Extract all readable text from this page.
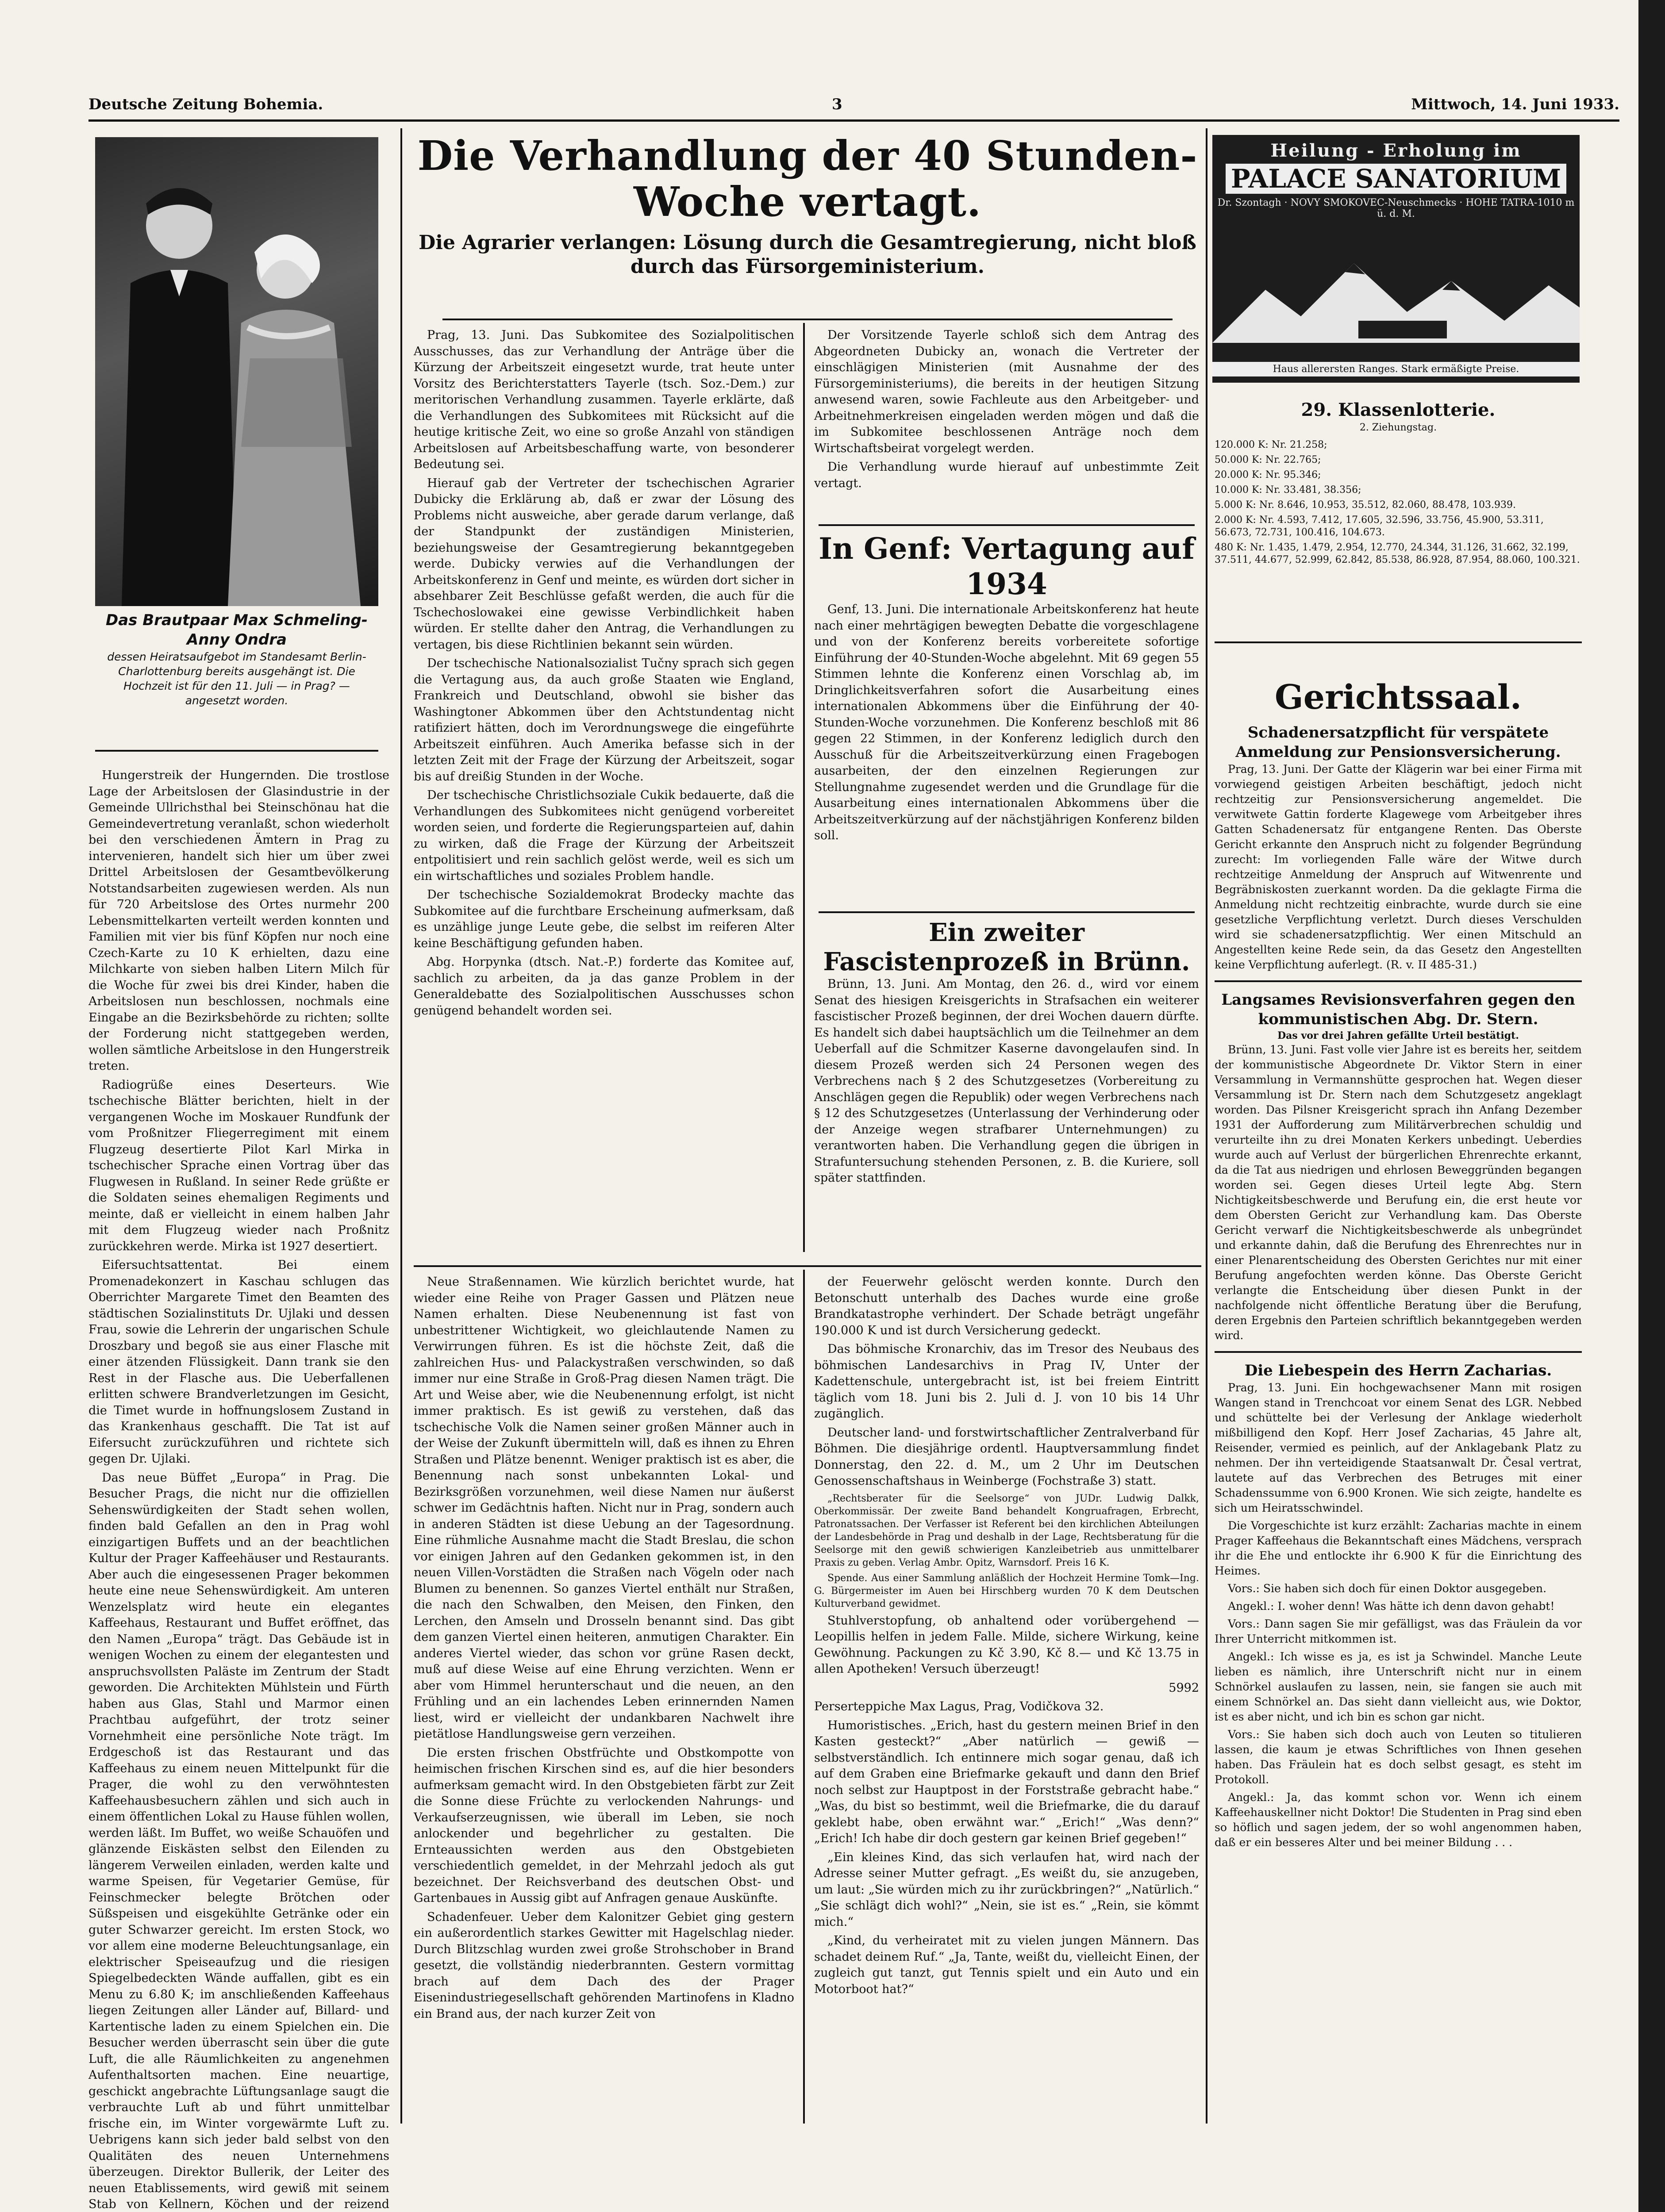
Deutsche Zeitung Bohemia.	3	Mittwoch, 14. Juni 1933.
Das Brautpaar Max Schmeling-Anny Ondra
dessen Heiratsaufgebot im Standesamt Berlin-Charlottenburg bereits ausgehängt ist. Die Hochzeit ist für den 11. Juli — in Prag? — angesetzt worden.

Hungerstreik der Hungernden. Die trostlose Lage der Arbeitslosen der Glasindustrie in der Gemeinde Ullrichsthal bei Steinschönau hat die Gemeindevertretung veranlaßt, schon wiederholt bei den verschiedenen Ämtern in Prag zu intervenieren, handelt sich hier um über zwei Drittel Arbeitslosen der Gesamtbevölkerung Notstandsarbeiten zugewiesen werden. Als nun für 720 Arbeitslose des Ortes nurmehr 200 Lebensmittelkarten verteilt werden konnten und Familien mit vier bis fünf Köpfen nur noch eine Czech-Karte zu 10 K erhielten, dazu eine Milchkarte von sieben halben Litern Milch für die Woche für zwei bis drei Kinder, haben die Arbeitslosen nun beschlossen, nochmals eine Eingabe an die Bezirksbehörde zu richten; sollte der Forderung nicht stattgegeben werden, wollen sämtliche Arbeitslose in den Hungerstreik treten.

Radiogrüße eines Deserteurs. Wie tschechische Blätter berichten, hielt in der vergangenen Woche im Moskauer Rundfunk der vom Proßnitzer Fliegerregiment mit einem Flugzeug desertierte Pilot Karl Mirka in tschechischer Sprache einen Vortrag über das Flugwesen in Rußland. In seiner Rede grüßte er die Soldaten seines ehemaligen Regiments und meinte, daß er vielleicht in einem halben Jahr mit dem Flugzeug wieder nach Proßnitz zurückkehren werde. Mirka ist 1927 desertiert.

Eifersuchtsattentat. Bei einem Promenadekonzert in Kaschau schlugen das Oberrichter Margarete Timet den Beamten des städtischen Sozialinstituts Dr. Ujlaki und dessen Frau, sowie die Lehrerin der ungarischen Schule Droszbary und begoß sie aus einer Flasche mit einer ätzenden Flüssigkeit. Dann trank sie den Rest in der Flasche aus. Die Ueberfallenen erlitten schwere Brandverletzungen im Gesicht, die Timet wurde in hoffnungslosem Zustand in das Krankenhaus geschafft. Die Tat ist auf Eifersucht zurückzuführen und richtete sich gegen Dr. Ujlaki.

Das neue Büffet „Europa“ in Prag. Die Besucher Prags, die nicht nur die offiziellen Sehenswürdigkeiten der Stadt sehen wollen, finden bald Gefallen an den in Prag wohl einzigartigen Buffets und an der beachtlichen Kultur der Prager Kaffeehäuser und Restaurants. Aber auch die eingesessenen Prager bekommen heute eine neue Sehenswürdigkeit. Am unteren Wenzelsplatz wird heute ein elegantes Kaffeehaus, Restaurant und Buffet eröffnet, das den Namen „Europa“ trägt. Das Gebäude ist in wenigen Wochen zu einem der elegantesten und anspruchsvollsten Paläste im Zentrum der Stadt geworden. Die Architekten Mühlstein und Fürth haben aus Glas, Stahl und Marmor einen Prachtbau aufgeführt, der trotz seiner Vornehmheit eine persönliche Note trägt. Im Erdgeschoß ist das Restaurant und das Kaffeehaus zu einem neuen Mittelpunkt für die Prager, die wohl zu den verwöhntesten Kaffeehausbesuchern zählen und sich auch in einem öffentlichen Lokal zu Hause fühlen wollen, werden läßt. Im Buffet, wo weiße Schauöfen und glänzende Eiskästen selbst den Eilenden zu längerem Verweilen einladen, werden kalte und warme Speisen, für Vegetarier Gemüse, für Feinschmecker belegte Brötchen oder Süßspeisen und eisgekühlte Getränke oder ein guter Schwarzer gereicht. Im ersten Stock, wo vor allem eine moderne Beleuchtungsanlage, ein elektrischer Speiseaufzug und die riesigen Spiegelbedeckten Wände auffallen, gibt es ein Menu zu 6.80 K; im anschließenden Kaffeehaus liegen Zeitungen aller Länder auf, Billard- und Kartentische laden zu einem Spielchen ein. Die Besucher werden überrascht sein über die gute Luft, die alle Räumlichkeiten zu angenehmen Aufenthaltsorten machen. Eine neuartige, geschickt angebrachte Lüftungsanlage saugt die verbrauchte Luft ab und führt unmittelbar frische ein, im Winter vorgewärmte Luft zu. Uebrigens kann sich jeder bald selbst von den Qualitäten des neuen Unternehmens überzeugen. Direktor Bullerik, der Leiter des neuen Etablissements, wird gewiß mit seinem Stab von Kellnern, Köchen und der reizend

Die Verhandlung der 40 Stunden-Woche vertagt.
Die Agrarier verlangen: Lösung durch die Gesamtregierung, nicht bloß durch das Fürsorgeministerium.

Prag, 13. Juni. Das Subkomitee des Sozialpolitischen Ausschusses, das zur Verhandlung der Anträge über die Kürzung der Arbeitszeit eingesetzt wurde, trat heute unter Vorsitz des Berichterstatters Tayerle (tsch. Soz.-Dem.) zur meritorischen Verhandlung zusammen. Tayerle erklärte, daß die Verhandlungen des Subkomitees mit Rücksicht auf die heutige kritische Zeit, wo eine so große Anzahl von ständigen Arbeitslosen auf Arbeitsbeschaffung warte, von besonderer Bedeutung sei.

Hierauf gab der Vertreter der tschechischen Agrarier Dubicky die Erklärung ab, daß er zwar der Lösung des Problems nicht ausweiche, aber gerade darum verlange, daß der Standpunkt der zuständigen Ministerien, beziehungsweise der Gesamtregierung bekanntgegeben werde. Dubicky verwies auf die Verhandlungen der Arbeitskonferenz in Genf und meinte, es würden dort sicher in absehbarer Zeit Beschlüsse gefaßt werden, die auch für die Tschechoslowakei eine gewisse Verbindlichkeit haben würden. Er stellte daher den Antrag, die Verhandlungen zu vertagen, bis diese Richtlinien bekannt sein würden.

Der tschechische Nationalsozialist Tučny sprach sich gegen die Vertagung aus, da auch große Staaten wie England, Frankreich und Deutschland, obwohl sie bisher das Washingtoner Abkommen über den Achtstundentag nicht ratifiziert hätten, doch im Verordnungswege die eingeführte Arbeitszeit einführen. Auch Amerika befasse sich in der letzten Zeit mit der Frage der Kürzung der Arbeitszeit, sogar bis auf dreißig Stunden in der Woche.

Der tschechische Christlichsoziale Cukik bedauerte, daß die Verhandlungen des Subkomitees nicht genügend vorbereitet worden seien, und forderte die Regierungsparteien auf, dahin zu wirken, daß die Frage der Kürzung der Arbeitszeit entpolitisiert und rein sachlich gelöst werde, weil es sich um ein wirtschaftliches und soziales Problem handle.

Der tschechische Sozialdemokrat Brodecky machte das Subkomitee auf die furchtbare Erscheinung aufmerksam, daß es unzählige junge Leute gebe, die selbst im reiferen Alter keine Beschäftigung gefunden haben.

Abg. Horpynka (dtsch. Nat.-P.) forderte das Komitee auf, sachlich zu arbeiten, da ja das ganze Problem in der Generaldebatte des Sozialpolitischen Ausschusses schon genügend behandelt worden sei.

Der Vorsitzende Tayerle schloß sich dem Antrag des Abgeordneten Dubicky an, wonach die Vertreter der einschlägigen Ministerien (mit Ausnahme der des Fürsorgeministeriums), die bereits in der heutigen Sitzung anwesend waren, sowie Fachleute aus den Arbeitgeber- und Arbeitnehmerkreisen eingeladen werden mögen und daß die im Subkomitee beschlossenen Anträge noch dem Wirtschaftsbeirat vorgelegt werden.

Die Verhandlung wurde hierauf auf unbestimmte Zeit vertagt.

In Genf: Vertagung auf 1934

Genf, 13. Juni. Die internationale Arbeitskonferenz hat heute nach einer mehrtägigen bewegten Debatte die vorgeschlagene und von der Konferenz bereits vorbereitete sofortige Einführung der 40-Stunden-Woche abgelehnt. Mit 69 gegen 55 Stimmen lehnte die Konferenz einen Vorschlag ab, im Dringlichkeitsverfahren sofort die Ausarbeitung eines internationalen Abkommens über die Einführung der 40-Stunden-Woche vorzunehmen. Die Konferenz beschloß mit 86 gegen 22 Stimmen, in der Konferenz lediglich durch den Ausschuß für die Arbeitszeitverkürzung einen Fragebogen ausarbeiten, der den einzelnen Regierungen zur Stellungnahme zugesendet werden und die Grundlage für die Ausarbeitung eines internationalen Abkommens über die Arbeitszeitverkürzung auf der nächstjährigen Konferenz bilden soll.

Ein zweiter Fascistenprozeß in Brünn.

Brünn, 13. Juni. Am Montag, den 26. d., wird vor einem Senat des hiesigen Kreisgerichts in Strafsachen ein weiterer fascistischer Prozeß beginnen, der drei Wochen dauern dürfte. Es handelt sich dabei hauptsächlich um die Teilnehmer an dem Ueberfall auf die Schmitzer Kaserne davongelaufen sind. In diesem Prozeß werden sich 24 Personen wegen des Verbrechens nach § 2 des Schutzgesetzes (Vorbereitung zu Anschlägen gegen die Republik) oder wegen Verbrechens nach § 12 des Schutzgesetzes (Unterlassung der Verhinderung oder der Anzeige wegen strafbarer Unternehmungen) zu verantworten haben. Die Verhandlung gegen die übrigen in Strafuntersuchung stehenden Personen, z. B. die Kuriere, soll später stattfinden.

Neue Straßennamen. Wie kürzlich berichtet wurde, hat wieder eine Reihe von Prager Gassen und Plätzen neue Namen erhalten. Diese Neubenennung ist fast von unbestrittener Wichtigkeit, wo gleichlautende Namen zu Verwirrungen führen. Es ist die höchste Zeit, daß die zahlreichen Hus- und Palackystraßen verschwinden, so daß immer nur eine Straße in Groß-Prag diesen Namen trägt. Die Art und Weise aber, wie die Neubenennung erfolgt, ist nicht immer praktisch. Es ist gewiß zu verstehen, daß das tschechische Volk die Namen seiner großen Männer auch in der Weise der Zukunft übermitteln will, daß es ihnen zu Ehren Straßen und Plätze benennt. Weniger praktisch ist es aber, die Benennung nach sonst unbekannten Lokal- und Bezirksgrößen vorzunehmen, weil diese Namen nur äußerst schwer im Gedächtnis haften. Nicht nur in Prag, sondern auch in anderen Städten ist diese Uebung an der Tagesordnung. Eine rühmliche Ausnahme macht die Stadt Breslau, die schon vor einigen Jahren auf den Gedanken gekommen ist, in den neuen Villen-Vorstädten die Straßen nach Vögeln oder nach Blumen zu benennen. So ganzes Viertel enthält nur Straßen, die nach den Schwalben, den Meisen, den Finken, den Lerchen, den Amseln und Drosseln benannt sind. Das gibt dem ganzen Viertel einen heiteren, anmutigen Charakter. Ein anderes Viertel wieder, das schon vor grüne Rasen deckt, muß auf diese Weise auf eine Ehrung verzichten. Wenn er aber vom Himmel herunterschaut und die neuen, an den Frühling und an ein lachendes Leben erinnernden Namen liest, wird er vielleicht der undankbaren Nachwelt ihre pietätlose Handlungsweise gern verzeihen.

Die ersten frischen Obstfrüchte und Obstkompotte von heimischen frischen Kirschen sind es, auf die hier besonders aufmerksam gemacht wird. In den Obstgebieten färbt zur Zeit die Sonne diese Früchte zu verlockenden Nahrungs- und Verkaufserzeugnissen, wie überall im Leben, sie noch anlockender und begehrlicher zu gestalten. Die Ernteaussichten werden aus den Obstgebieten verschiedentlich gemeldet, in der Mehrzahl jedoch als gut bezeichnet. Der Reichsverband des deutschen Obst- und Gartenbaues in Aussig gibt auf Anfragen genaue Auskünfte.

Schadenfeuer. Ueber dem Kalonitzer Gebiet ging gestern ein außerordentlich starkes Gewitter mit Hagelschlag nieder. Durch Blitzschlag wurden zwei große Strohschober in Brand gesetzt, die vollständig niederbrannten. Gestern vormittag brach auf dem Dach des der Prager Eisenindustriegesellschaft gehörenden Martinofens in Kladno ein Brand aus, der nach kurzer Zeit von

der Feuerwehr gelöscht werden konnte. Durch den Betonschutt unterhalb des Daches wurde eine große Brandkatastrophe verhindert. Der Schade beträgt ungefähr 190.000 K und ist durch Versicherung gedeckt.

Das böhmische Kronarchiv, das im Tresor des Neubaus des böhmischen Landesarchivs in Prag IV, Unter der Kadettenschule, untergebracht ist, ist bei freiem Eintritt täglich vom 18. Juni bis 2. Juli d. J. von 10 bis 14 Uhr zugänglich.

Deutscher land- und forstwirtschaftlicher Zentralverband für Böhmen. Die diesjährige ordentl. Hauptversammlung findet Donnerstag, den 22. d. M., um 2 Uhr im Deutschen Genossenschaftshaus in Weinberge (Fochstraße 3) statt.

„Rechtsberater für die Seelsorge“ von JUDr. Ludwig Dalkk, Oberkommissär. Der zweite Band behandelt Kongruafragen, Erbrecht, Patronatssachen. Der Verfasser ist Referent bei den kirchlichen Abteilungen der Landesbehörde in Prag und deshalb in der Lage, Rechtsberatung für die Seelsorge mit den gewiß schwierigen Kanzleibetrieb aus unmittelbarer Praxis zu geben. Verlag Ambr. Opitz, Warnsdorf. Preis 16 K.

Spende. Aus einer Sammlung anläßlich der Hochzeit Hermine Tomk—Ing. G. Bürgermeister im Auen bei Hirschberg wurden 70 K dem Deutschen Kulturverband gewidmet.

Stuhlverstopfung, ob anhaltend oder vorübergehend — Leopillis helfen in jedem Falle. Milde, sichere Wirkung, keine Gewöhnung. Packungen zu Kč 3.90, Kč 8.— und Kč 13.75 in allen Apotheken! Versuch überzeugt!

5992

Perserteppiche Max Lagus, Prag, Vodičkova 32.

Humoristisches. „Erich, hast du gestern meinen Brief in den Kasten gesteckt?“ „Aber natürlich — gewiß — selbstverständlich. Ich entinnere mich sogar genau, daß ich auf dem Graben eine Briefmarke gekauft und dann den Brief noch selbst zur Hauptpost in der Forststraße gebracht habe.“ „Was, du bist so bestimmt, weil die Briefmarke, die du darauf geklebt habe, oben erwähnt war.“ „Erich!“ „Was denn?“ „Erich! Ich habe dir doch gestern gar keinen Brief gegeben!“

„Ein kleines Kind, das sich verlaufen hat, wird nach der Adresse seiner Mutter gefragt. „Es weißt du, sie anzugeben, um laut: „Sie würden mich zu ihr zurückbringen?“ „Natürlich.“ „Sie schlägt dich wohl?“ „Nein, sie ist es.“ „Rein, sie kömmt mich.“

„Kind, du verheiratet mit zu vielen jungen Männern. Das schadet deinem Ruf.“ „Ja, Tante, weißt du, vielleicht Einen, der zugleich gut tanzt, gut Tennis spielt und ein Auto und ein Motorboot hat?“

Heilung - Erholung im
PALACE SANATORIUM
Dr. Szontagh · NOVY SMOKOVEC-Neuschmecks · HOHE TATRA-1010 m ü. d. M.
Haus allerersten Ranges. Stark ermäßigte Preise.
29. Klassenlotterie.

2. Ziehungstag.

120.000 K: Nr. 21.258;

50.000 K: Nr. 22.765;

20.000 K: Nr. 95.346;

10.000 K: Nr. 33.481, 38.356;

5.000 K: Nr. 8.646, 10.953, 35.512, 82.060, 88.478, 103.939.

2.000 K: Nr. 4.593, 7.412, 17.605, 32.596, 33.756, 45.900, 53.311, 56.673, 72.731, 100.416, 104.673.

480 K: Nr. 1.435, 1.479, 2.954, 12.770, 24.344, 31.126, 31.662, 32.199, 37.511, 44.677, 52.999, 62.842, 85.538, 86.928, 87.954, 88.060, 100.321.

Gerichtssaal.
Schadenersatzpflicht für verspätete Anmeldung zur Pensionsversicherung.

Prag, 13. Juni. Der Gatte der Klägerin war bei einer Firma mit vorwiegend geistigen Arbeiten beschäftigt, jedoch nicht rechtzeitig zur Pensionsversicherung angemeldet. Die verwitwete Gattin forderte Klagewege vom Arbeitgeber ihres Gatten Schadenersatz für entgangene Renten. Das Oberste Gericht erkannte den Anspruch nicht zu folgender Begründung zurecht: Im vorliegenden Falle wäre der Witwe durch rechtzeitige Anmeldung der Anspruch auf Witwenrente und Begräbniskosten zuerkannt worden. Da die geklagte Firma die Anmeldung nicht rechtzeitig einbrachte, wurde durch sie eine gesetzliche Verpflichtung verletzt. Durch dieses Verschulden wird sie schadenersatzpflichtig. Wer einen Mitschuld an Angestellten keine Rede sein, da das Gesetz den Angestellten keine Verpflichtung auferlegt. (R. v. II 485-31.)

Langsames Revisionsverfahren gegen den kommunistischen Abg. Dr. Stern.
Das vor drei Jahren gefällte Urteil bestätigt.

Brünn, 13. Juni. Fast volle vier Jahre ist es bereits her, seitdem der kommunistische Abgeordnete Dr. Viktor Stern in einer Versammlung in Vermannshütte gesprochen hat. Wegen dieser Versammlung ist Dr. Stern nach dem Schutzgesetz angeklagt worden. Das Pilsner Kreisgericht sprach ihn Anfang Dezember 1931 der Aufforderung zum Militärverbrechen schuldig und verurteilte ihn zu drei Monaten Kerkers unbedingt. Ueberdies wurde auch auf Verlust der bürgerlichen Ehrenrechte erkannt, da die Tat aus niedrigen und ehrlosen Beweggründen begangen worden sei. Gegen dieses Urteil legte Abg. Stern Nichtigkeitsbeschwerde und Berufung ein, die erst heute vor dem Obersten Gericht zur Verhandlung kam. Das Oberste Gericht verwarf die Nichtigkeitsbeschwerde als unbegründet und erkannte dahin, daß die Berufung des Ehrenrechtes nur in einer Plenarentscheidung des Obersten Gerichtes nur mit einer Berufung angefochten werden könne. Das Oberste Gericht verlangte die Entscheidung über diesen Punkt in der nachfolgende nicht öffentliche Beratung über die Berufung, deren Ergebnis den Parteien schriftlich bekanntgegeben werden wird.

Die Liebespein des Herrn Zacharias.

Prag, 13. Juni. Ein hochgewachsener Mann mit rosigen Wangen stand in Trenchcoat vor einem Senat des LGR. Nebbed und schüttelte bei der Verlesung der Anklage wiederholt mißbilligend den Kopf. Herr Josef Zacharias, 45 Jahre alt, Reisender, vermied es peinlich, auf der Anklagebank Platz zu nehmen. Der ihn verteidigende Staatsanwalt Dr. Česal vertrat, lautete auf das Verbrechen des Betruges mit einer Schadenssumme von 6.900 Kronen. Wie sich zeigte, handelte es sich um Heiratsschwindel.

Die Vorgeschichte ist kurz erzählt: Zacharias machte in einem Prager Kaffeehaus die Bekanntschaft eines Mädchens, versprach ihr die Ehe und entlockte ihr 6.900 K für die Einrichtung des Heimes.

Vors.: Sie haben sich doch für einen Doktor ausgegeben.

Angekl.: I. woher denn! Was hätte ich denn davon gehabt!

Vors.: Dann sagen Sie mir gefälligst, was das Fräulein da vor Ihrer Unterricht mitkommen ist.

Angekl.: Ich wisse es ja, es ist ja Schwindel. Manche Leute lieben es nämlich, ihre Unterschrift nicht nur in einem Schnörkel auslaufen zu lassen, nein, sie fangen sie auch mit einem Schnörkel an. Das sieht dann vielleicht aus, wie Doktor, ist es aber nicht, und ich bin es schon gar nicht.

Vors.: Sie haben sich doch auch von Leuten so titulieren lassen, die kaum je etwas Schriftliches von Ihnen gesehen haben. Das Fräulein hat es doch selbst gesagt, es steht im Protokoll.

Angekl.: Ja, das kommt schon vor. Wenn ich einem Kaffeehauskellner nicht Doktor! Die Studenten in Prag sind eben so höflich und sagen jedem, der so wohl angenommen haben, daß er ein besseres Alter und bei meiner Bildung . . .
